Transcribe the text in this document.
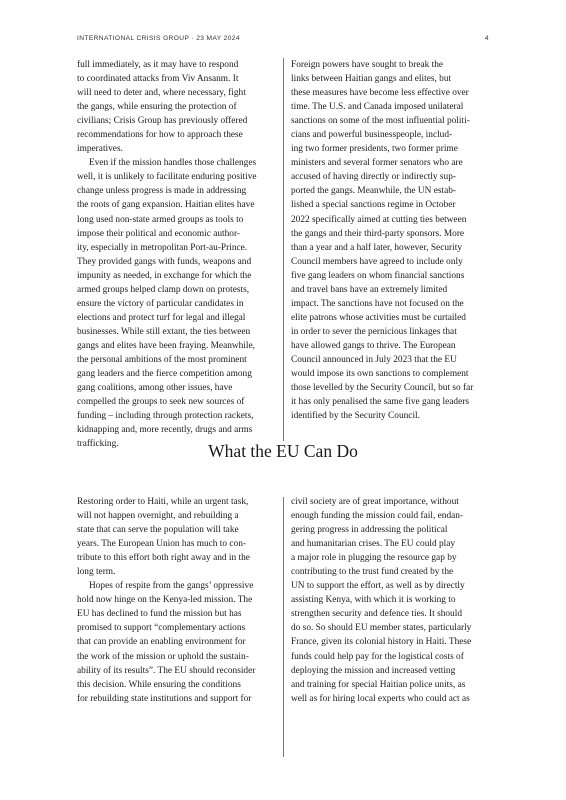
INTERNATIONAL CRISIS GROUP · 23 MAY 2024	4

full immediately, as it may have to respond
to coordinated attacks from Viv Ansanm. It
will need to deter and, where necessary, fight
the gangs, while ensuring the protection of
civilians; Crisis Group has previously offered
recommendations for how to approach these
imperatives.

Even if the mission handles those challenges
well, it is unlikely to facilitate enduring positive
change unless progress is made in addressing
the roots of gang expansion. Haitian elites have
long used non-state armed groups as tools to
impose their political and economic author-
ity, especially in metropolitan Port-au-Prince.
They provided gangs with funds, weapons and
impunity as needed, in exchange for which the
armed groups helped clamp down on protests,
ensure the victory of particular candidates in
elections and protect turf for legal and illegal
businesses. While still extant, the ties between
gangs and elites have been fraying. Meanwhile,
the personal ambitions of the most prominent
gang leaders and the fierce competition among
gang coalitions, among other issues, have
compelled the groups to seek new sources of
funding – including through protection rackets,
kidnapping and, more recently, drugs and arms
trafficking.

Foreign powers have sought to break the
links between Haitian gangs and elites, but
these measures have become less effective over
time. The U.S. and Canada imposed unilateral
sanctions on some of the most influential politi-
cians and powerful businesspeople, includ-
ing two former presidents, two former prime
ministers and several former senators who are
accused of having directly or indirectly sup-
ported the gangs. Meanwhile, the UN estab-
lished a special sanctions regime in October
2022 specifically aimed at cutting ties between
the gangs and their third-party sponsors. More
than a year and a half later, however, Security
Council members have agreed to include only
five gang leaders on whom financial sanctions
and travel bans have an extremely limited
impact. The sanctions have not focused on the
elite patrons whose activities must be curtailed
in order to sever the pernicious linkages that
have allowed gangs to thrive. The European
Council announced in July 2023 that the EU
would impose its own sanctions to complement
those levelled by the Security Council, but so far
it has only penalised the same five gang leaders
identified by the Security Council.

What the EU Can Do

Restoring order to Haiti, while an urgent task,
will not happen overnight, and rebuilding a
state that can serve the population will take
years. The European Union has much to con-
tribute to this effort both right away and in the
long term.

Hopes of respite from the gangs’ oppressive
hold now hinge on the Kenya-led mission. The
EU has declined to fund the mission but has
promised to support “complementary actions
that can provide an enabling environment for
the work of the mission or uphold the sustain-
ability of its results”. The EU should reconsider
this decision. While ensuring the conditions
for rebuilding state institutions and support for

civil society are of great importance, without
enough funding the mission could fail, endan-
gering progress in addressing the political
and humanitarian crises. The EU could play
a major role in plugging the resource gap by
contributing to the trust fund created by the
UN to support the effort, as well as by directly
assisting Kenya, with which it is working to
strengthen security and defence ties. It should
do so. So should EU member states, particularly
France, given its colonial history in Haiti. These
funds could help pay for the logistical costs of
deploying the mission and increased vetting
and training for special Haitian police units, as
well as for hiring local experts who could act as
